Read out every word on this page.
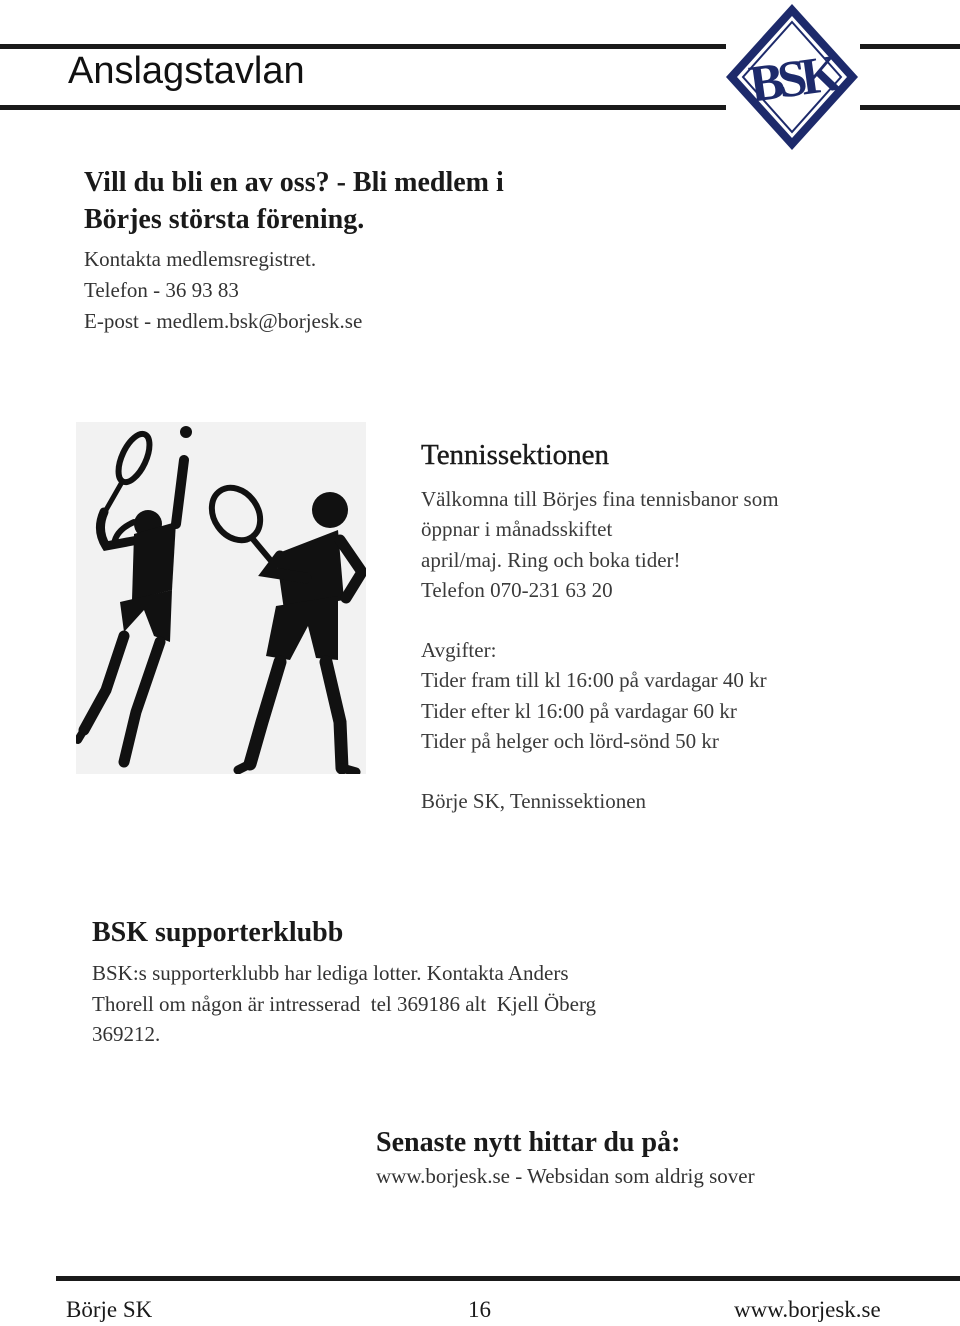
Anslagstavlan	BSK
Vill du bli en av oss? - Bli medlem i
Börjes största förening.
Kontakta medlemsregistret.
Telefon - 36 93 83
E-post - medlem.bsk@borjesk.se
Tennissektionen
Välkomna till Börjes fina tennisbanor som
öppnar i månadsskiftet
april/maj. Ring och boka tider!
Telefon 070-231 63 20
Avgifter:
Tider fram till kl 16:00 på vardagar 40 kr
Tider efter kl 16:00 på vardagar 60 kr
Tider på helger och lörd-sönd 50 kr
Börje SK, Tennissektionen
BSK supporterklubb
BSK:s supporterklubb har lediga lotter. Kontakta Anders
Thorell om någon är intresserad  tel 369186 alt  Kjell Öberg
369212.
Senaste nytt hittar du på:
www.borjesk.se - Websidan som aldrig sover
Börje SK	16	www.borjesk.se
